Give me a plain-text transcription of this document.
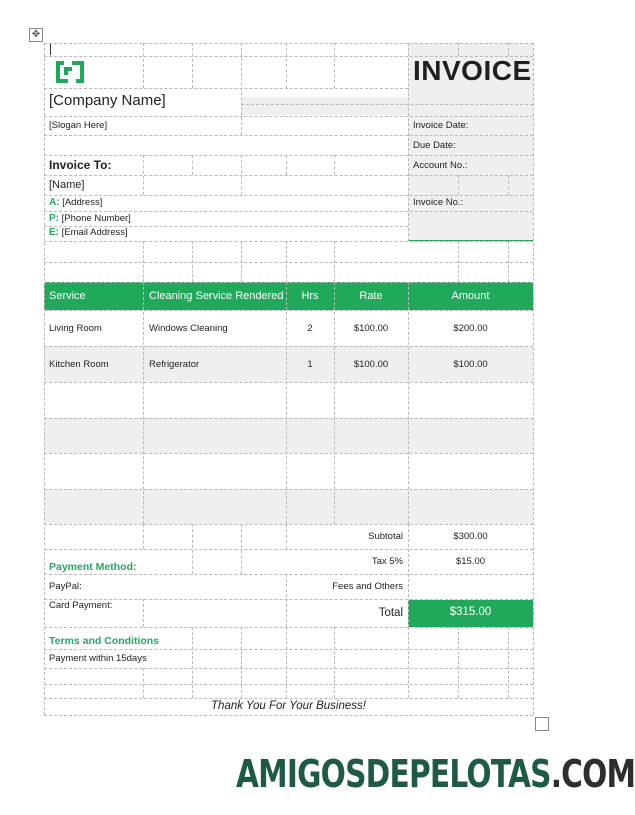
✥
INVOICE
[Company Name]
[Slogan Here]
Invoice To:
[Name]
A: [Address]
P: [Phone Number]
E: [Email Address]
Invoice Date:
Due Date:
Account No.:
Invoice No.:
Service	Cleaning Service Rendered	Hrs	Rate	Amount
Living Room	Windows Cleaning	2	$100.00	$200.00
Kitchen Room	Refrigerator	1	$100.00	$100.00
Subtotal	$300.00
Tax 5%	$15.00
Fees and Others
Total	$315.00
Payment Method:
PayPal:
Card Payment:
Terms and Conditions
Payment within 15days
Thank You For Your Business!
AMIGOSDEPELOTAS.COM
